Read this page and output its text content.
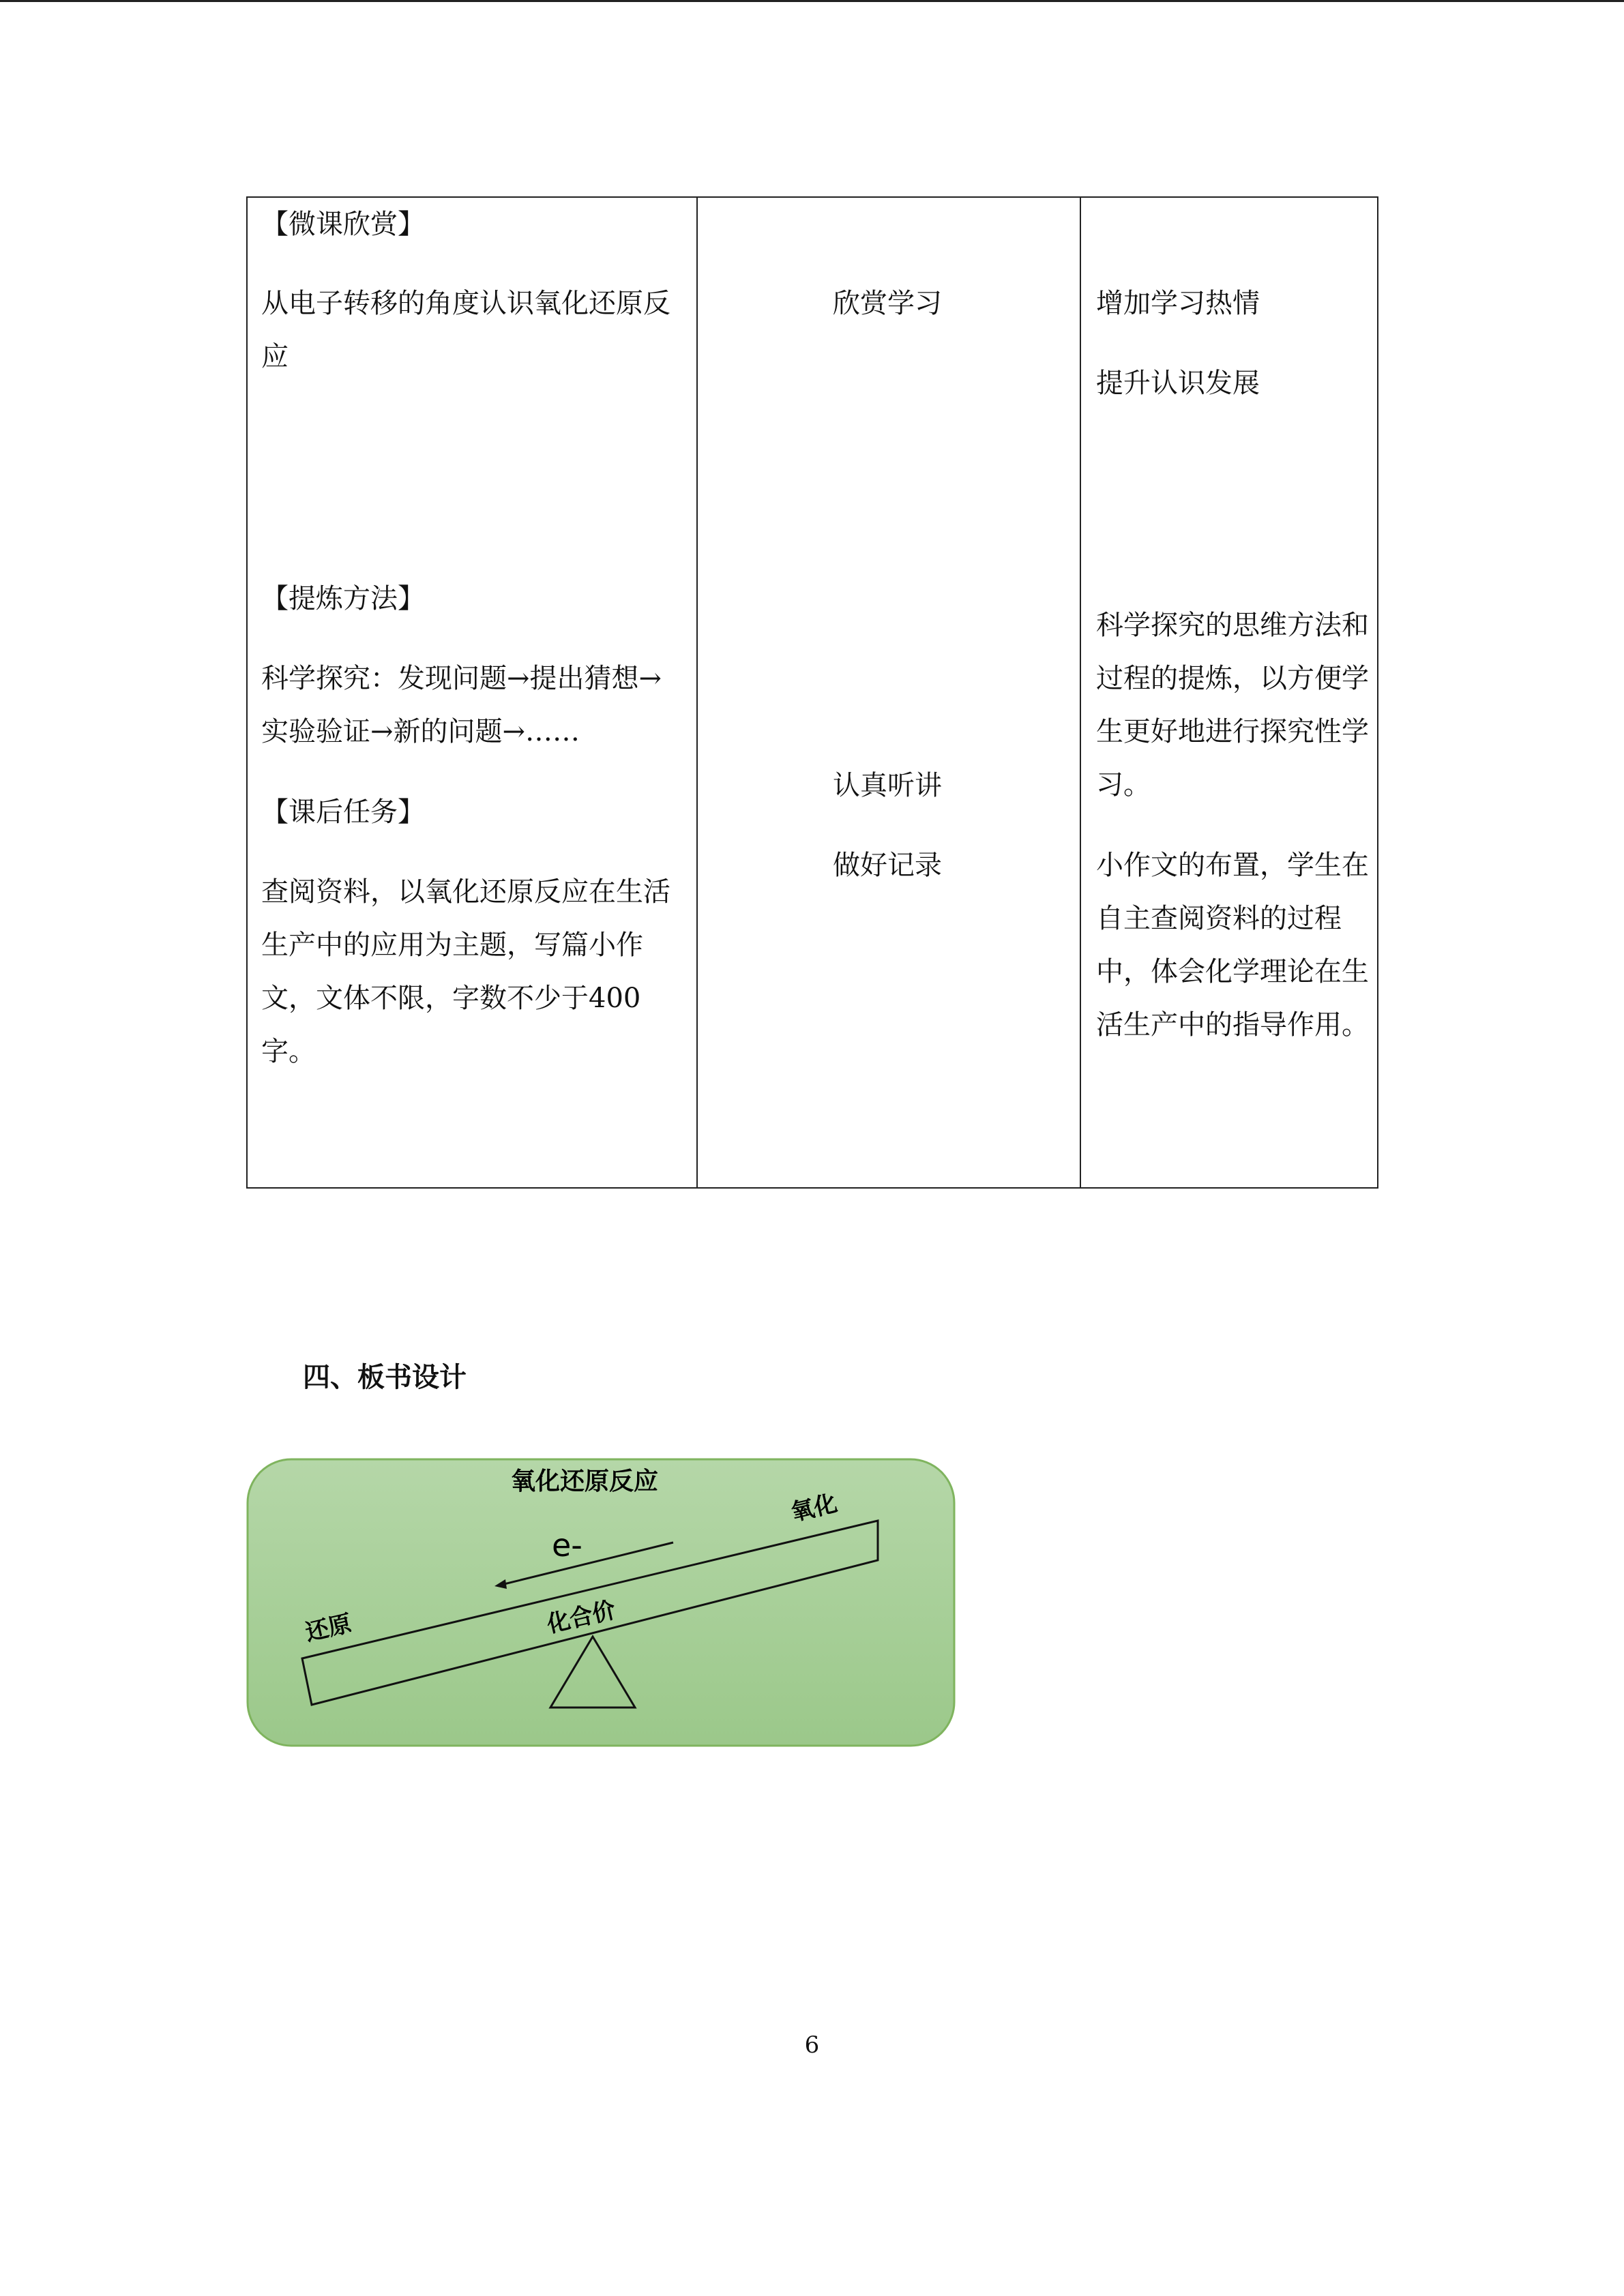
【微课欣赏】
从电子转移的角度认识氧化还原反应
【提炼方法】
科学探究：发现问题→提出猜想→实验验证→新的问题→……
【课后任务】
查阅资料，以氧化还原反应在生活生产中的应用为主题，写篇小作文，文体不限，字数不少于400字。

欣赏学习
认真听讲
做好记录

增加学习热情
提升认识发展
科学探究的思维方法和过程的提炼，以方便学生更好地进行探究性学习。
小作文的布置，学生在自主查阅资料的过程中，体会化学理论在生活生产中的指导作用。
四、板书设计
氧化还原反应
氧化
还原
e-
化合价
6
